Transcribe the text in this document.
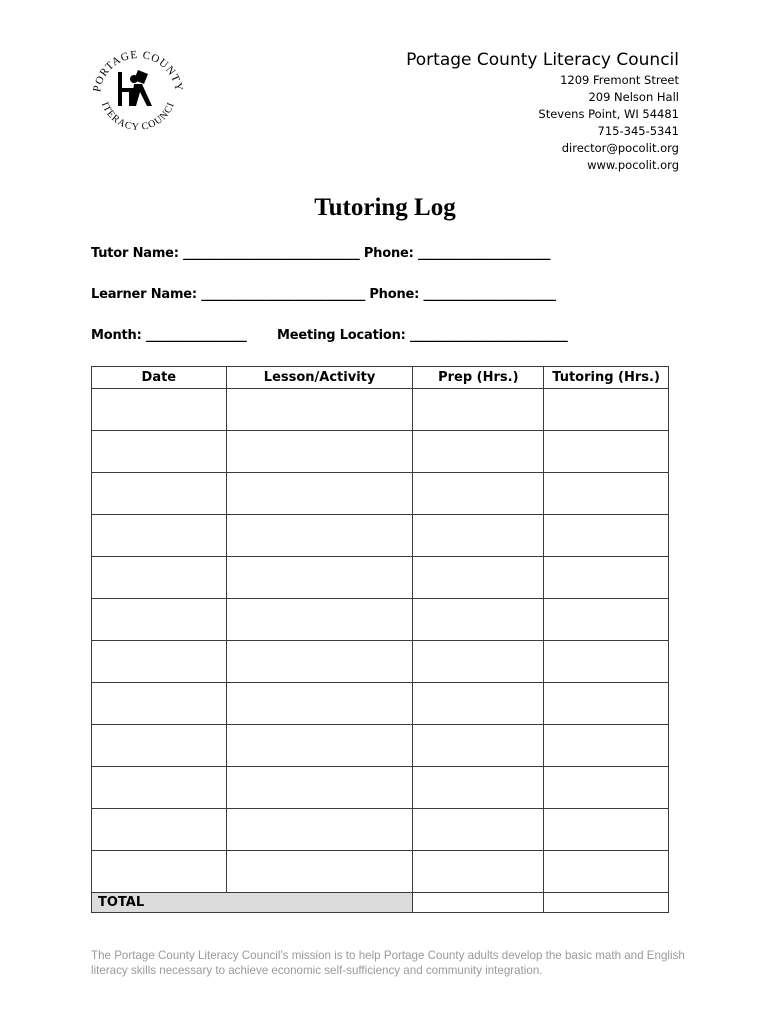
PORTAGE COUNTY
ITERACY COUNCI
Portage County Literacy Council
1209 Fremont Street
209 Nelson Hall
Stevens Point, WI 54481
715-345-5341
director@pocolit.org
www.pocolit.org
Tutoring Log
Tutor Name: ____________________________ Phone: _____________________
Learner Name: __________________________ Phone: _____________________
Month: ________________       Meeting Location: _________________________
Date	Lesson/Activity	Prep (Hrs.)	Tutoring (Hrs.)

TOTAL			
The Portage County Literacy Council's mission is to help Portage County adults develop the basic math and English literacy skills necessary to achieve economic self-sufficiency and community integration.
